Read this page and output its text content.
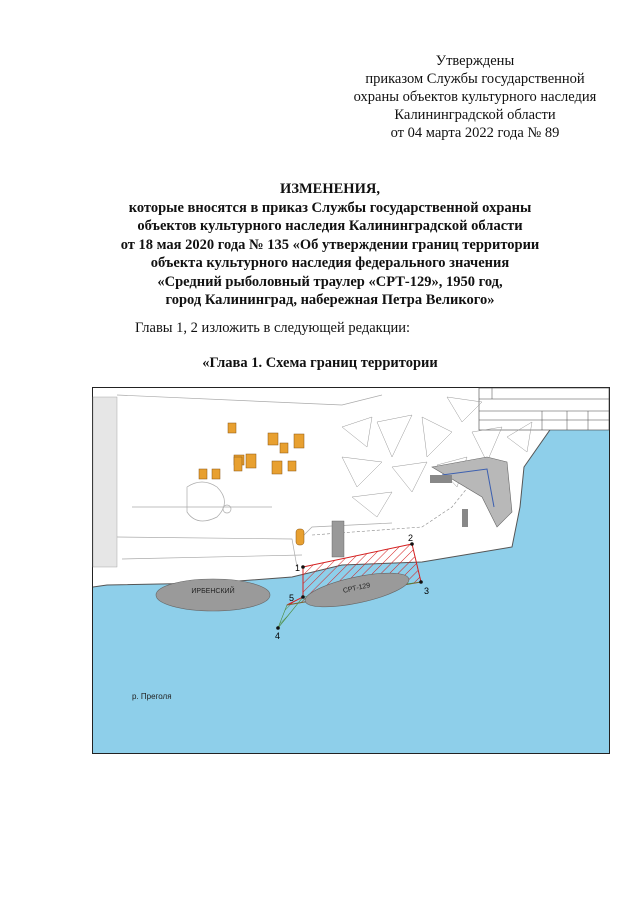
Утверждены
приказом Службы государственной
охраны объектов культурного наследия
Калининградской области
от 04 марта 2022 года № 89
ИЗМЕНЕНИЯ,
которые вносятся в приказ Службы государственной охраны
объектов культурного наследия Калининградской области
от 18 мая 2020 года № 135 «Об утверждении границ территории
объекта культурного наследия федерального значения
«Средний рыболовный траулер «СРТ-129», 1950 год,
город Калининград, набережная Петра Великого»
Главы 1, 2 изложить в следующей редакции:
«Глава 1. Схема границ территории
ИРБЕНСКИЙ	СРТ-129
1
2
3
4
5
р. Преголя
